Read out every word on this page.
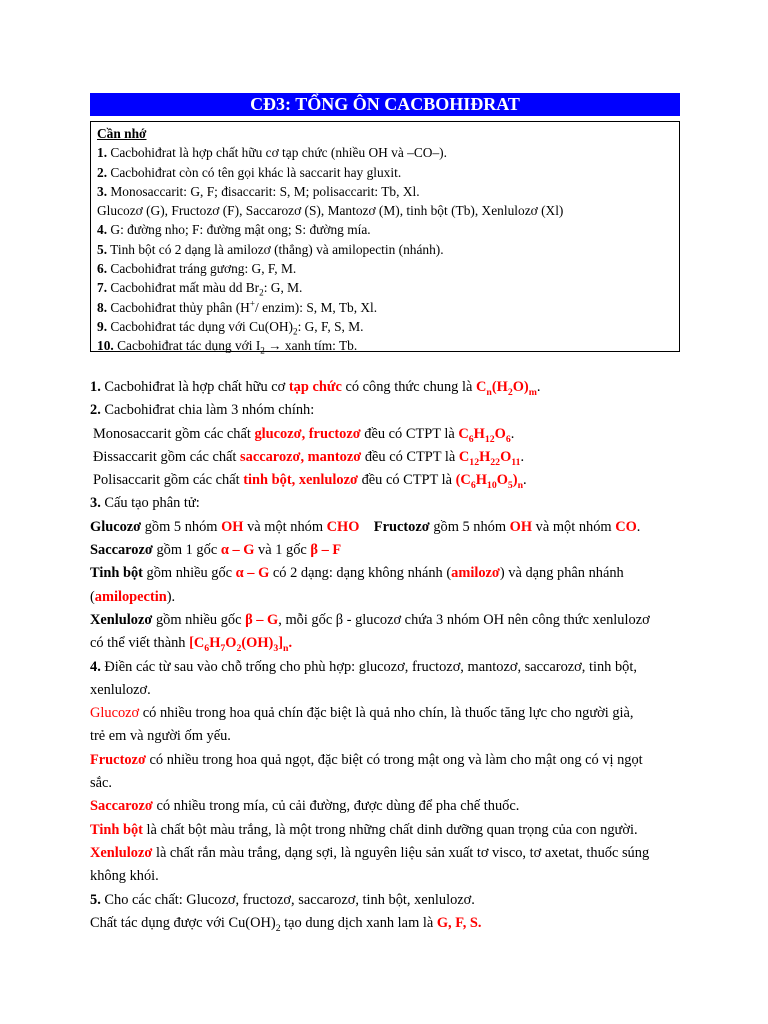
CĐ3: TỔNG ÔN CACBOHIĐRAT
Cần nhớ
1. Cacbohiđrat là hợp chất hữu cơ tạp chức (nhiều OH và –CO–).
2. Cacbohiđrat còn có tên gọi khác là saccarit hay gluxit.
3. Monosaccarit: G, F; đisaccarit: S, M; polisaccarit: Tb, Xl.
Glucozơ (G), Fructozơ (F), Saccarozơ (S), Mantozơ (M), tinh bột (Tb), Xenlulozơ (Xl)
4. G: đường nho; F: đường mật ong; S: đường mía.
5. Tinh bột có 2 dạng là amilozơ (thẳng) và amilopectin (nhánh).
6. Cacbohiđrat tráng gương: G, F, M.
7. Cacbohiđrat mất màu dd $Br_2$: G, M.
8. Cacbohiđrat thủy phân (H+/ enzim): S, M, Tb, Xl.
9. Cacbohiđrat tác dụng với $Cu(OH)_2$: G, F, S, M.
10. Cacbohiđrat tác dụng với $I_2$ → xanh tím: Tb.
1. Cacbohiđrat là hợp chất hữu cơ tạp chức có công thức chung là $C_n(H_2O)_m$.
2. Cacbohiđrat chia làm 3 nhóm chính:
Monosaccarit gồm các chất glucozơ, fructozơ đều có CTPT là $C_6H_{12}O_6$.
Đissaccarit gồm các chất saccarozơ, mantozơ đều có CTPT là $C_{12}H_{22}O_{11}$.
Polisaccarit gồm các chất tinh bột, xenlulozơ đều có CTPT là $(C_6H_{10}O_5)_n$.
3. Cấu tạo phân tử:
Glucozơ gồm 5 nhóm OH và một nhóm CHO Fructozơ gồm 5 nhóm OH và một nhóm CO.
Saccarozơ gồm 1 gốc α – G và 1 gốc β – F
Tinh bột gồm nhiều gốc α – G có 2 dạng: dạng không nhánh (amilozơ) và dạng phân nhánh
(amilopectin).
Xenlulozơ gồm nhiều gốc β – G, mỗi gốc β - glucozơ chứa 3 nhóm OH nên công thức xenlulozơ
có thể viết thành $[C_6H_7O_2(OH)_3]_n$.
4. Điền các từ sau vào chỗ trống cho phù hợp: glucozơ, fructozơ, mantozơ, saccarozơ, tinh bột,
xenlulozơ.
Glucozơ có nhiều trong hoa quả chín đặc biệt là quả nho chín, là thuốc tăng lực cho người già,
trẻ em và người ốm yếu.
Fructozơ có nhiều trong hoa quả ngọt, đặc biệt có trong mật ong và làm cho mật ong có vị ngọt
sắc.
Saccarozơ có nhiều trong mía, củ cải đường, được dùng để pha chế thuốc.
Tinh bột là chất bột màu trắng, là một trong những chất dinh dưỡng quan trọng của con người.
Xenlulozơ là chất rắn màu trắng, dạng sợi, là nguyên liệu sản xuất tơ visco, tơ axetat, thuốc súng
không khói.
5. Cho các chất: Glucozơ, fructozơ, saccarozơ, tinh bột, xenlulozơ.
Chất tác dụng được với $Cu(OH)_2$ tạo dung dịch xanh lam là G, F, S.
